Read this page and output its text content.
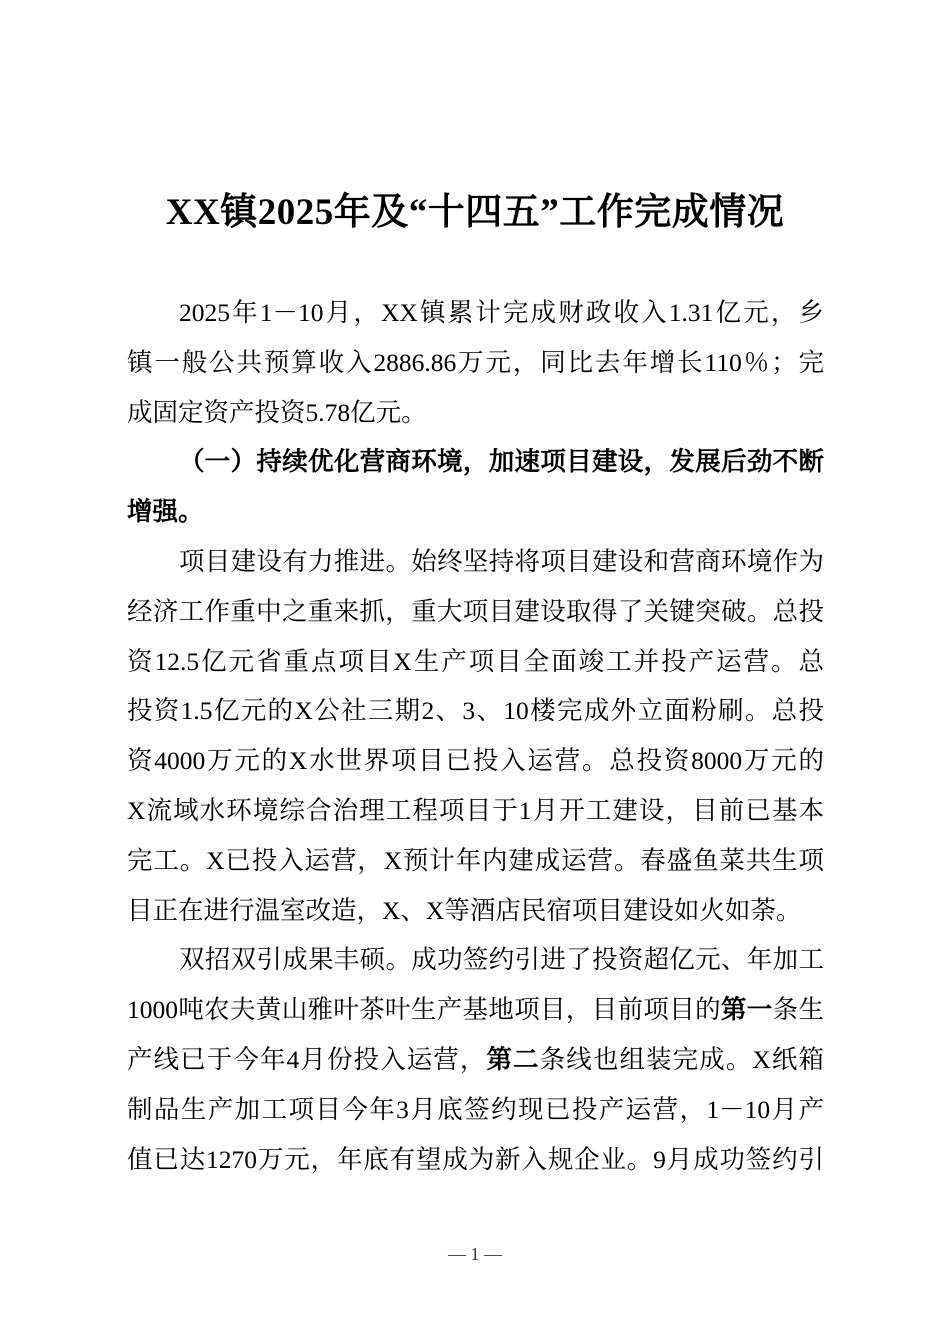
XX镇2025年及“十四五”工作完成情况
2025年1－10月，XX镇累计完成财政收入1.31亿元，乡
镇一般公共预算收入2886.86万元，同比去年增长110％；完
成固定资产投资5.78亿元。
（一）持续优化营商环境，加速项目建设，发展后劲不断
增强。
项目建设有力推进。始终坚持将项目建设和营商环境作为
经济工作重中之重来抓，重大项目建设取得了关键突破。总投
资12.5亿元省重点项目X生产项目全面竣工并投产运营。总
投资1.5亿元的X公社三期2、3、10楼完成外立面粉刷。总投
资4000万元的X水世界项目已投入运营。总投资8000万元的
X流域水环境综合治理工程项目于1月开工建设，目前已基本
完工。X已投入运营，X预计年内建成运营。春盛鱼菜共生项
目正在进行温室改造，X、X等酒店民宿项目建设如火如荼。
双招双引成果丰硕。成功签约引进了投资超亿元、年加工
1000吨农夫黄山雅叶茶叶生产基地项目，目前项目的第一条生
产线已于今年4月份投入运营，第二条线也组装完成。X纸箱
制品生产加工项目今年3月底签约现已投产运营，1－10月产
值已达1270万元，年底有望成为新入规企业。9月成功签约引
— 1 —
